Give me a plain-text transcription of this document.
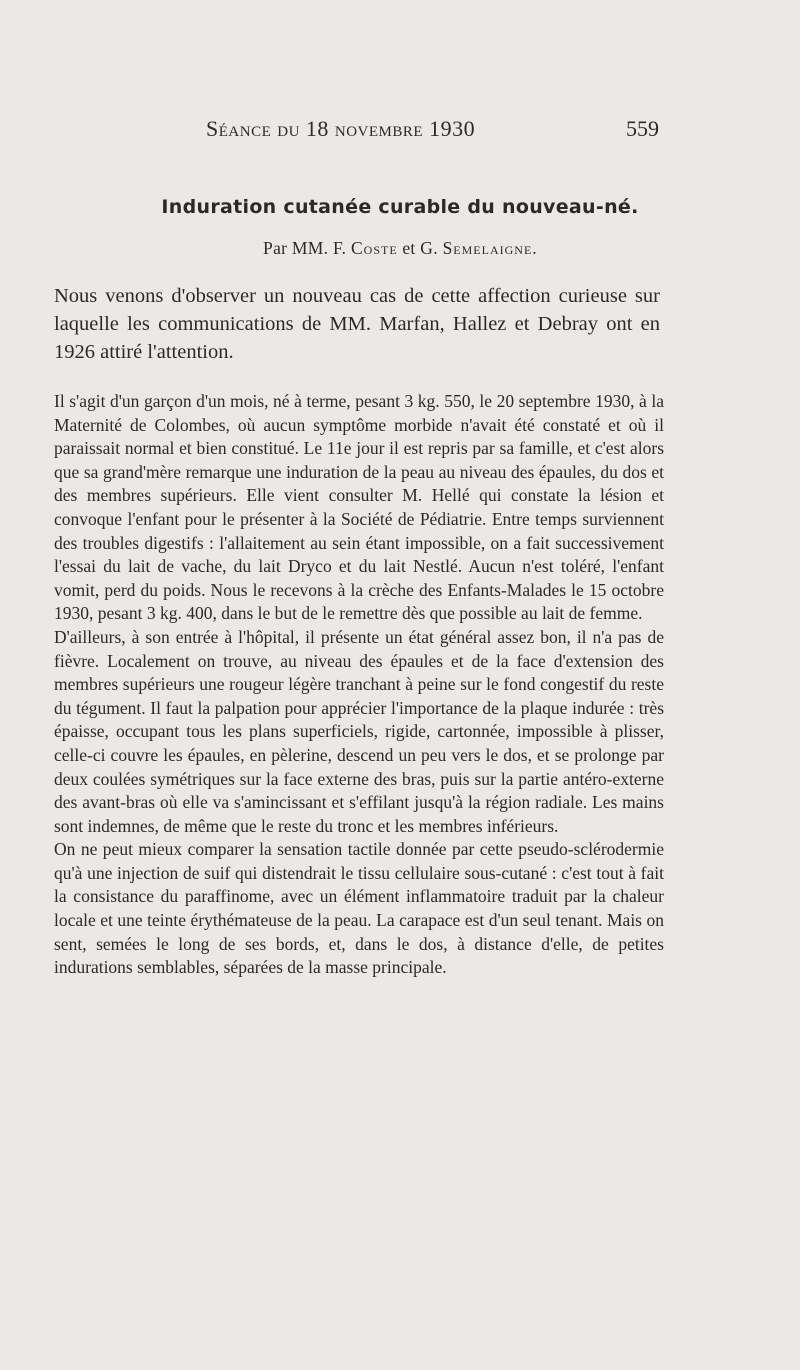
Séance du 18 novembre 1930	559
Induration cutanée curable du nouveau-né.
Par MM. F. Coste et G. Semelaigne.

Nous venons d'observer un nouveau cas de cette affection curieuse sur laquelle les communications de MM. Marfan, Hallez et Debray ont en 1926 attiré l'attention.

Il s'agit d'un garçon d'un mois, né à terme, pesant 3 kg. 550, le 20 septembre 1930, à la Maternité de Colombes, où aucun symptôme morbide n'avait été constaté et où il paraissait normal et bien constitué. Le 11e jour il est repris par sa famille, et c'est alors que sa grand'mère remarque une induration de la peau au niveau des épaules, du dos et des membres supérieurs. Elle vient consulter M. Hellé qui constate la lésion et convoque l'enfant pour le présenter à la Société de Pédiatrie. Entre temps surviennent des troubles digestifs : l'allaitement au sein étant impossible, on a fait successivement l'essai du lait de vache, du lait Dryco et du lait Nestlé. Aucun n'est toléré, l'enfant vomit, perd du poids. Nous le recevons à la crèche des Enfants-Malades le 15 octobre 1930, pesant 3 kg. 400, dans le but de le remettre dès que possible au lait de femme.

D'ailleurs, à son entrée à l'hôpital, il présente un état général assez bon, il n'a pas de fièvre. Localement on trouve, au niveau des épaules et de la face d'extension des membres supérieurs une rougeur légère tranchant à peine sur le fond congestif du reste du tégument. Il faut la palpation pour apprécier l'importance de la plaque indurée : très épaisse, occupant tous les plans superficiels, rigide, cartonnée, impossible à plisser, celle-ci couvre les épaules, en pèlerine, descend un peu vers le dos, et se prolonge par deux coulées symétriques sur la face externe des bras, puis sur la partie antéro-externe des avant-bras où elle va s'amincissant et s'effilant jusqu'à la région radiale. Les mains sont indemnes, de même que le reste du tronc et les membres inférieurs.

On ne peut mieux comparer la sensation tactile donnée par cette pseudo-sclérodermie qu'à une injection de suif qui distendrait le tissu cellulaire sous-cutané : c'est tout à fait la consistance du paraffinome, avec un élément inflammatoire traduit par la chaleur locale et une teinte érythémateuse de la peau. La carapace est d'un seul tenant. Mais on sent, semées le long de ses bords, et, dans le dos, à distance d'elle, de petites indurations semblables, séparées de la masse principale.
